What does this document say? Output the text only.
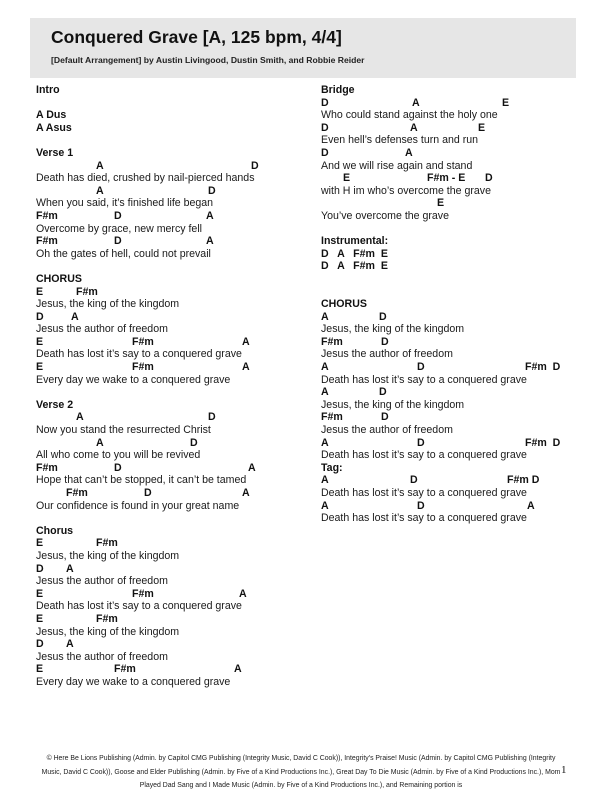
Conquered Grave [A, 125 bpm, 4/4]
[Default Arrangement] by Austin Livingood, Dustin Smith, and Robbie Reider
Intro
A Dus
A Asus
Verse 1
A	D
Death has died, crushed by nail-pierced hands
A	D
When you said, it’s finished life began
F#m	D	A
Overcome by grace, new mercy fell
F#m	D	A
Oh the gates of hell, could not prevail
CHORUS
E	F#m
Jesus, the king of the kingdom
D	A
Jesus the author of freedom
E	F#m	A
Death has lost it’s say to a conquered grave
E	F#m	A
Every day we wake to a conquered grave
Verse 2
A	D
Now you stand the resurrected Christ
A	D
All who come to you will be revived
F#m	D	A
Hope that can’t be stopped, it can’t be tamed
F#m	D	A
Our confidence is found in your great name
Chorus
E	F#m
Jesus, the king of the kingdom
D A
Jesus the author of freedom
E	F#m	A
Death has lost it’s say to a conquered grave
E	F#m
Jesus, the king of the kingdom
D A
Jesus the author of freedom
E	F#m	A
Every day we wake to a conquered grave
Bridge
D	A	E
Who could stand against the holy one
D	A	E
Even hell’s defenses turn and run
D	A
And we will rise again and stand
E	F#m - E D
with H im who’s overcome the grave
E
You’ve overcome the grave
Instrumental:
D   A   F#m  E
D   A   F#m  E
CHORUS
A	D
Jesus, the king of the kingdom
F#m	D
Jesus the author of freedom
A	D	F#m  D
Death has lost it’s say to a conquered grave
A	D
Jesus, the king of the kingdom
F#m	D
Jesus the author of freedom
A	D	F#m  D
Death has lost it’s say to a conquered grave
Tag:
A	D	F#m D
Death has lost it’s say to a conquered grave
A	D	A
Death has lost it’s say to a conquered grave
© Here Be Lions Publishing (Admin. by Capitol CMG Publishing (Integrity Music, David C Cook)), Integrity's Praise! Music (Admin. by Capitol CMG Publishing (Integrity Music, David C Cook)), Goose and Elder Publishing (Admin. by Five of a Kind Productions Inc.), Great Day To Die Music (Admin. by Five of a Kind Productions Inc.), Mom Played Dad Sang and I Made Music (Admin. by Five of a Kind Productions Inc.), and Remaining portion is
1
